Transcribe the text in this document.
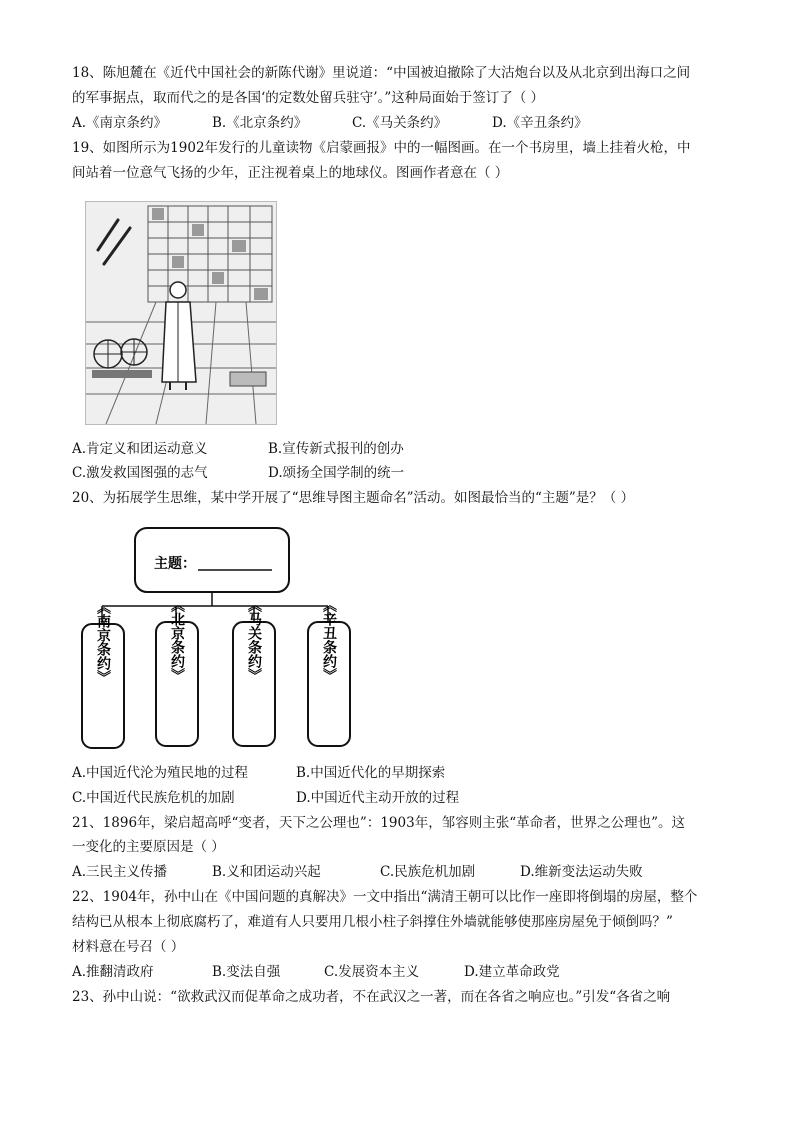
18、陈旭麓在《近代中国社会的新陈代谢》里说道：“中国被迫撤除了大沽炮台以及从北京到出海口之间
的军事据点，取而代之的是各国‘的定数处留兵驻守’。”这种局面始于签订了（ ）
A.《南京条约》	B.《北京条约》	C.《马关条约》	D.《辛丑条约》
19、如图所示为1902年发行的儿童读物《启蒙画报》中的一幅图画。在一个书房里，墙上挂着火枪，中
间站着一位意气飞扬的少年，正注视着桌上的地球仪。图画作者意在（ ）
A.肯定义和团运动意义	B.宣传新式报刊的创办
C.激发救国图强的志气	D.颂扬全国学制的统一
20、为拓展学生思维，某中学开展了“思维导图主题命名”活动。如图最恰当的“主题”是？（ ）
主题：
《南京条约》	《北京条约》	《马关条约》	《辛丑条约》
A.中国近代沦为殖民地的过程	B.中国近代化的早期探索
C.中国近代民族危机的加剧	D.中国近代主动开放的过程
21、1896年，梁启超高呼“变者，天下之公理也”：1903年，邹容则主张“革命者，世界之公理也”。这
一变化的主要原因是（ ）
A.三民主义传播	B.义和团运动兴起	C.民族危机加剧	D.维新变法运动失败
22、1904年，孙中山在《中国问题的真解决》一文中指出“满清王朝可以比作一座即将倒塌的房屋，整个
结构已从根本上彻底腐朽了，难道有人只要用几根小柱子斜撑住外墙就能够使那座房屋免于倾倒吗？”
材料意在号召（ ）
A.推翻清政府	B.变法自强	C.发展资本主义	D.建立革命政党
23、孙中山说：“欲救武汉而促革命之成功者，不在武汉之一著，而在各省之响应也。”引发“各省之响
